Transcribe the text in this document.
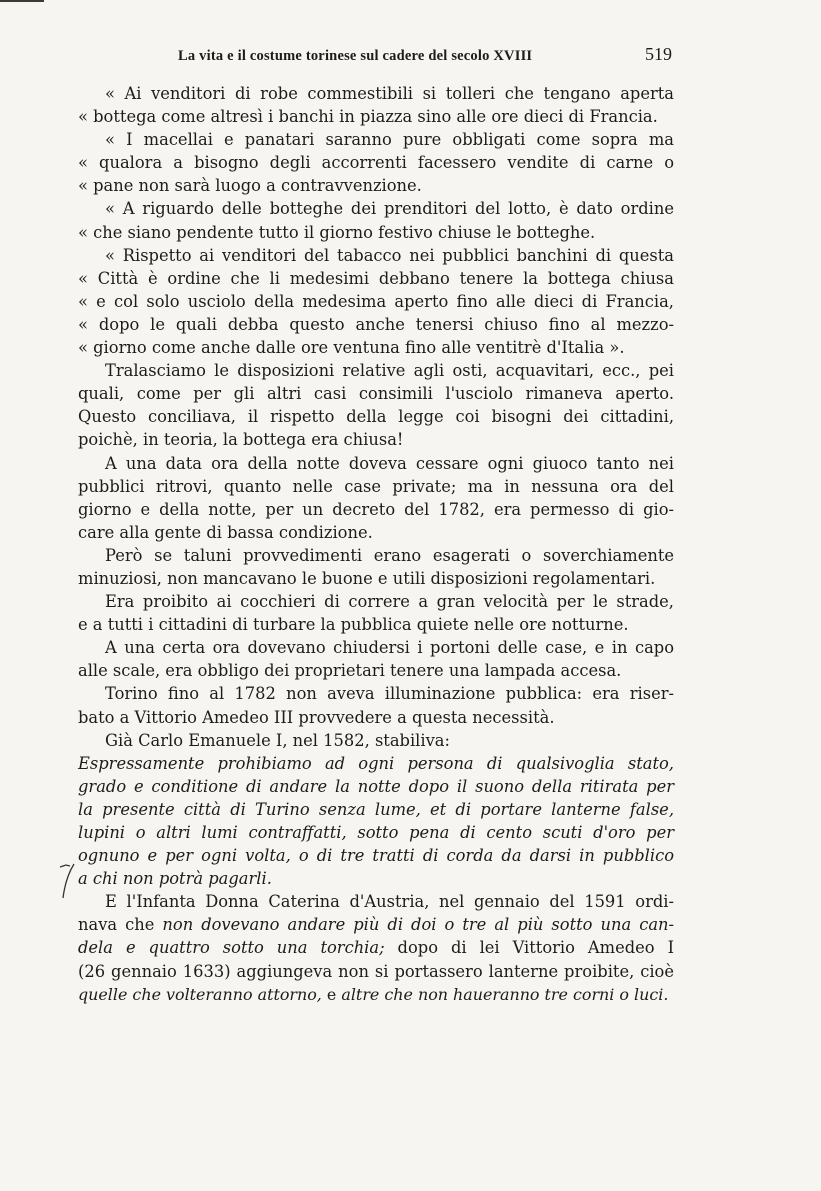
La vita e il costume torinese sul cadere del secolo XVIII	519
« Ai venditori di robe commestibili si tolleri che tengano aperta
« bottega come altresì i banchi in piazza sino alle ore dieci di Francia.
« I macellai e panatari saranno pure obbligati come sopra ma
« qualora a bisogno degli accorrenti facessero vendite di carne o
« pane non sarà luogo a contravvenzione.
« A riguardo delle botteghe dei prenditori del lotto, è dato ordine
« che siano pendente tutto il giorno festivo chiuse le botteghe.
« Rispetto ai venditori del tabacco nei pubblici banchini di questa
« Città è ordine che li medesimi debbano tenere la bottega chiusa
« e col solo usciolo della medesima aperto fino alle dieci di Francia,
« dopo le quali debba questo anche tenersi chiuso fino al mezzo-
« giorno come anche dalle ore ventuna fino alle ventitrè d'Italia ».
Tralasciamo le disposizioni relative agli osti, acquavitari, ecc., pei
quali, come per gli altri casi consimili l'usciolo rimaneva aperto.
Questo conciliava, il rispetto della legge coi bisogni dei cittadini,
poichè, in teoria, la bottega era chiusa!
A una data ora della notte doveva cessare ogni giuoco tanto nei
pubblici ritrovi, quanto nelle case private; ma in nessuna ora del
giorno e della notte, per un decreto del 1782, era permesso di gio-
care alla gente di bassa condizione.
Però se taluni provvedimenti erano esagerati o soverchiamente
minuziosi, non mancavano le buone e utili disposizioni regolamentari.
Era proibito ai cocchieri di correre a gran velocità per le strade,
e a tutti i cittadini di turbare la pubblica quiete nelle ore notturne.
A una certa ora dovevano chiudersi i portoni delle case, e in capo
alle scale, era obbligo dei proprietari tenere una lampada accesa.
Torino fino al 1782 non aveva illuminazione pubblica: era riser-
bato a Vittorio Amedeo III provvedere a questa necessità.
Già Carlo Emanuele I, nel 1582, stabiliva:
Espressamente prohibiamo ad ogni persona di qualsivoglia stato,
grado e conditione di andare la notte dopo il suono della ritirata per
la presente città di Turino senza lume, et di portare lanterne false,
lupini o altri lumi contraffatti, sotto pena di cento scuti d'oro per
ognuno e per ogni volta, o di tre tratti di corda da darsi in pubblico
a chi non potrà pagarli.
E l'Infanta Donna Caterina d'Austria, nel gennaio del 1591 ordi-
nava che non dovevano andare più di doi o tre al più sotto una can-
dela e quattro sotto una torchia; dopo di lei Vittorio Amedeo I
(26 gennaio 1633) aggiungeva non si portassero lanterne proibite, cioè
quelle che volteranno attorno, e altre che non haueranno tre corni o luci.
